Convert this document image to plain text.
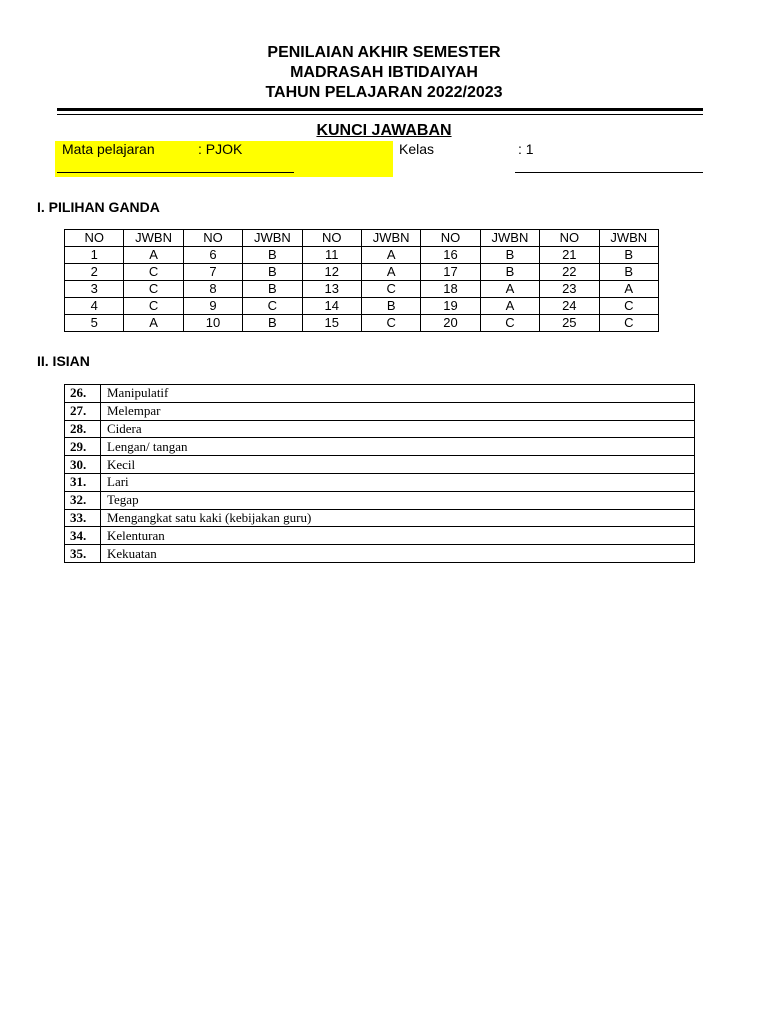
PENILAIAN AKHIR SEMESTER
MADRASAH IBTIDAIYAH
TAHUN PELAJARAN 2022/2023
KUNCI JAWABAN
Mata pelajaran	: PJOK	Kelas	: 1
I. PILIHAN GANDA
NO	JWBN	NO	JWBN	NO	JWBN	NO	JWBN	NO	JWBN
1	A	6	B	11	A	16	B	21	B
2	C	7	B	12	A	17	B	22	B
3	C	8	B	13	C	18	A	23	A
4	C	9	C	14	B	19	A	24	C
5	A	10	B	15	C	20	C	25	C
II. ISIAN
26.	Manipulatif
27.	Melempar
28.	Cidera
29.	Lengan/ tangan
30.	Kecil
31.	Lari
32.	Tegap
33.	Mengangkat satu kaki (kebijakan guru)
34.	Kelenturan
35.	Kekuatan
